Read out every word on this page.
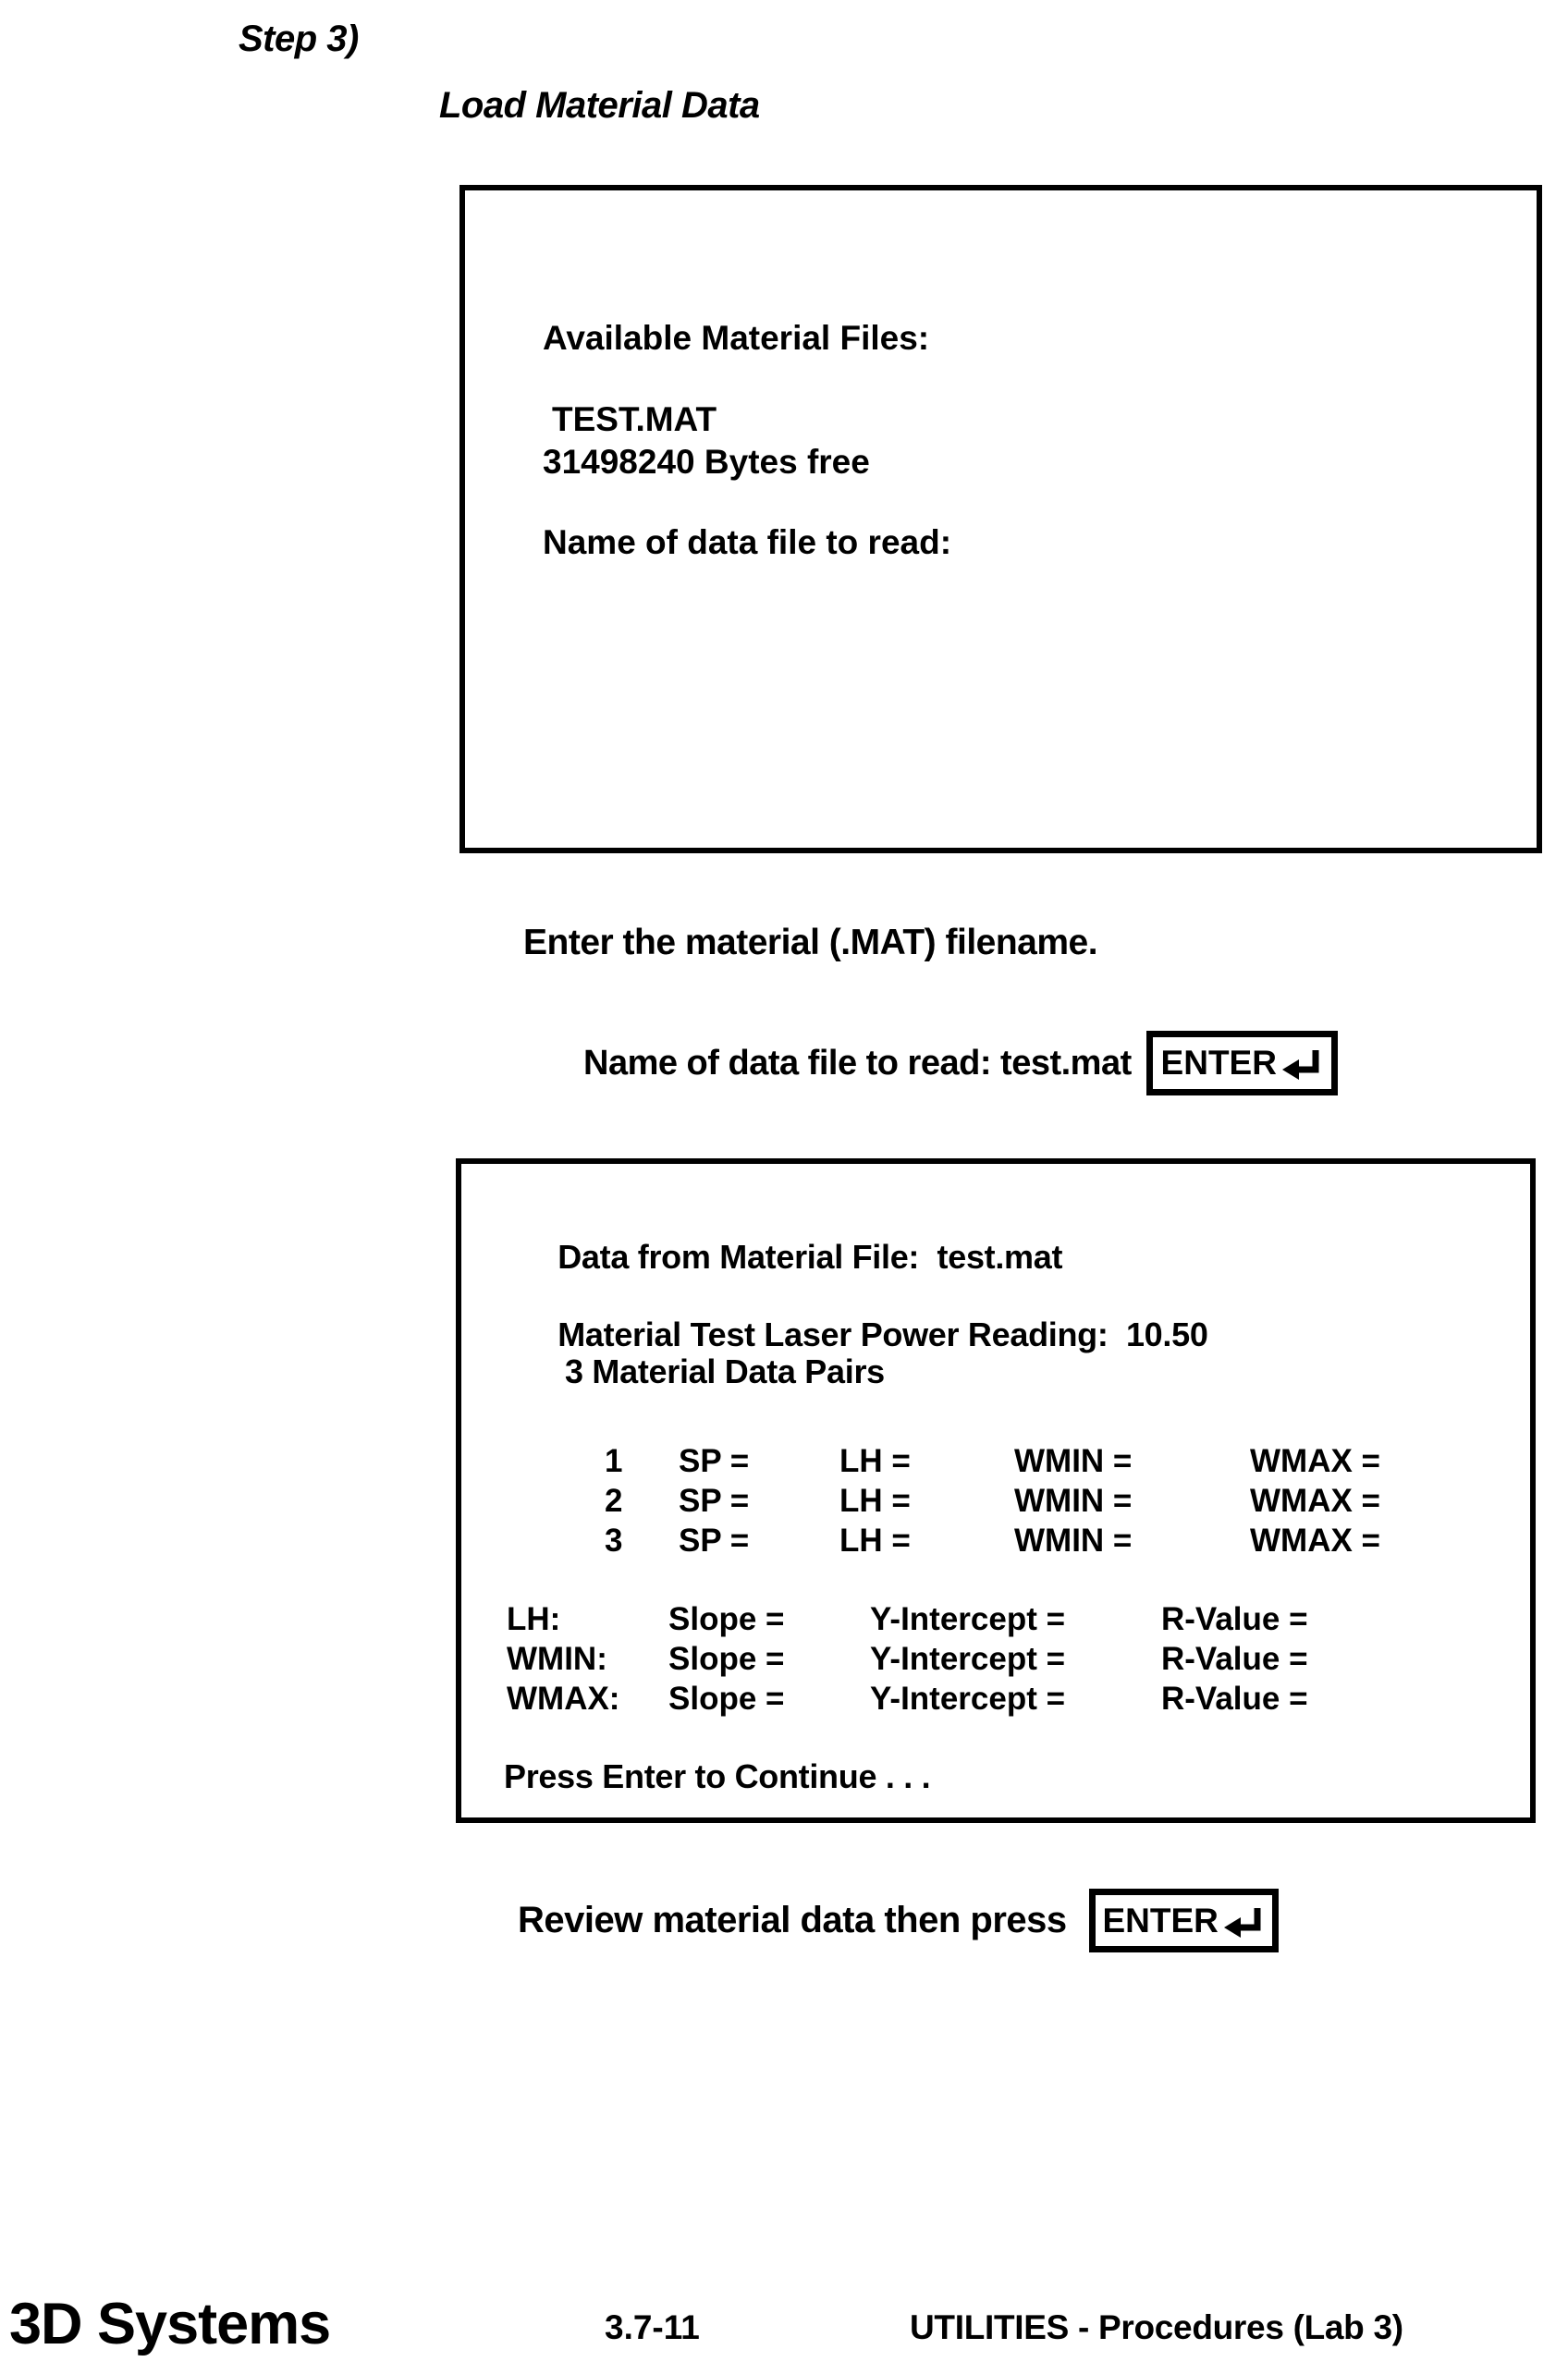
Step 3)
Load Material Data

Available Material Files:

TEST.MAT

31498240 Bytes free

Name of data file to read:

Enter the material (.MAT) filename.
Name of data file to read: test.mat ENTER

Data from Material File: test.mat

Material Test Laser Power Reading: 10.50

3 Material Data Pairs
1 SP =	LH =	WMIN =	WMAX =
2 SP =	LH =	WMIN =	WMAX =
3 SP =	LH =	WMIN =	WMAX =
LH:	Slope =	Y-Intercept =	R-Value =
WMIN: Slope =	Y-Intercept =	R-Value =
WMAX: Slope =	Y-Intercept =	R-Value =
Press Enter to Continue . . .
Review material data then press ENTER
3D Systems	3.7-11	UTILITIES - Procedures (Lab 3)
